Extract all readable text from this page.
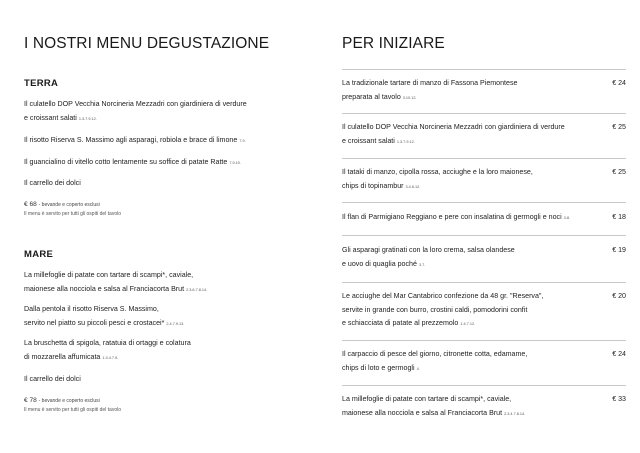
I NOSTRI MENU DEGUSTAZIONE
TERRA
Il culatello DOP Vecchia Norcineria Mezzadri con giardiniera di verdure
e croissant salati 1.3.7.9.12.
Il risotto Riserva S. Massimo agli asparagi, robiola e brace di limone 7.9.
Il guancialino di vitello cotto lentamente su soffice di patate Ratte 7.9.10.
Il carrello dei dolci
€ 68 - bevande e coperto esclusi
Il menu è servito per tutti gli ospiti del tavolo
MARE
La millefoglie di patate con tartare di scampi*, caviale,
maionese alla nocciola e salsa al Franciacorta Brut 2.3.6.7.8.14.
Dalla pentola il risotto Riserva S. Massimo,
servito nel piatto su piccoli pesci e crostacei* 2.4.7.9.13.
La bruschetta di spigola, ratatuia di ortaggi e colatura
di mozzarella affumicata 1.3.4.7.9.
Il carrello dei dolci
€ 78 - bevande e coperto esclusi
Il menu è servito per tutti gli ospiti del tavolo
PER INIZIARE
La tradizionale tartare di manzo di Fassona Piemontese
preparata al tavolo 3.10.12.
€ 24
Il culatello DOP Vecchia Norcineria Mezzadri con giardiniera di verdure
e croissant salati 1.3.7.9.12.
€ 25
Il tataki di manzo, cipolla rossa, acciughe e la loro maionese,
chips di topinambur 3.4.6.12.
€ 25
Il flan di Parmigiano Reggiano e pere con insalatina di germogli e noci 3.8.	€ 18
Gli asparagi gratinati con la loro crema, salsa olandese
e uovo di quaglia poché 3.7.
€ 19
Le acciughe del Mar Cantabrico confezione da 48 gr. "Reserva",
servite in grande con burro, crostini caldi, pomodorini confit
e schiacciata di patate al prezzemolo 1.4.7.12.
€ 20
Il carpaccio di pesce del giorno, citronette cotta, edamame,
chips di loto e germogli 4.
€ 24
La millefoglie di patate con tartare di scampi*, caviale,
maionese alla nocciola e salsa al Franciacorta Brut 2.3.4.7.8.14.
€ 33
